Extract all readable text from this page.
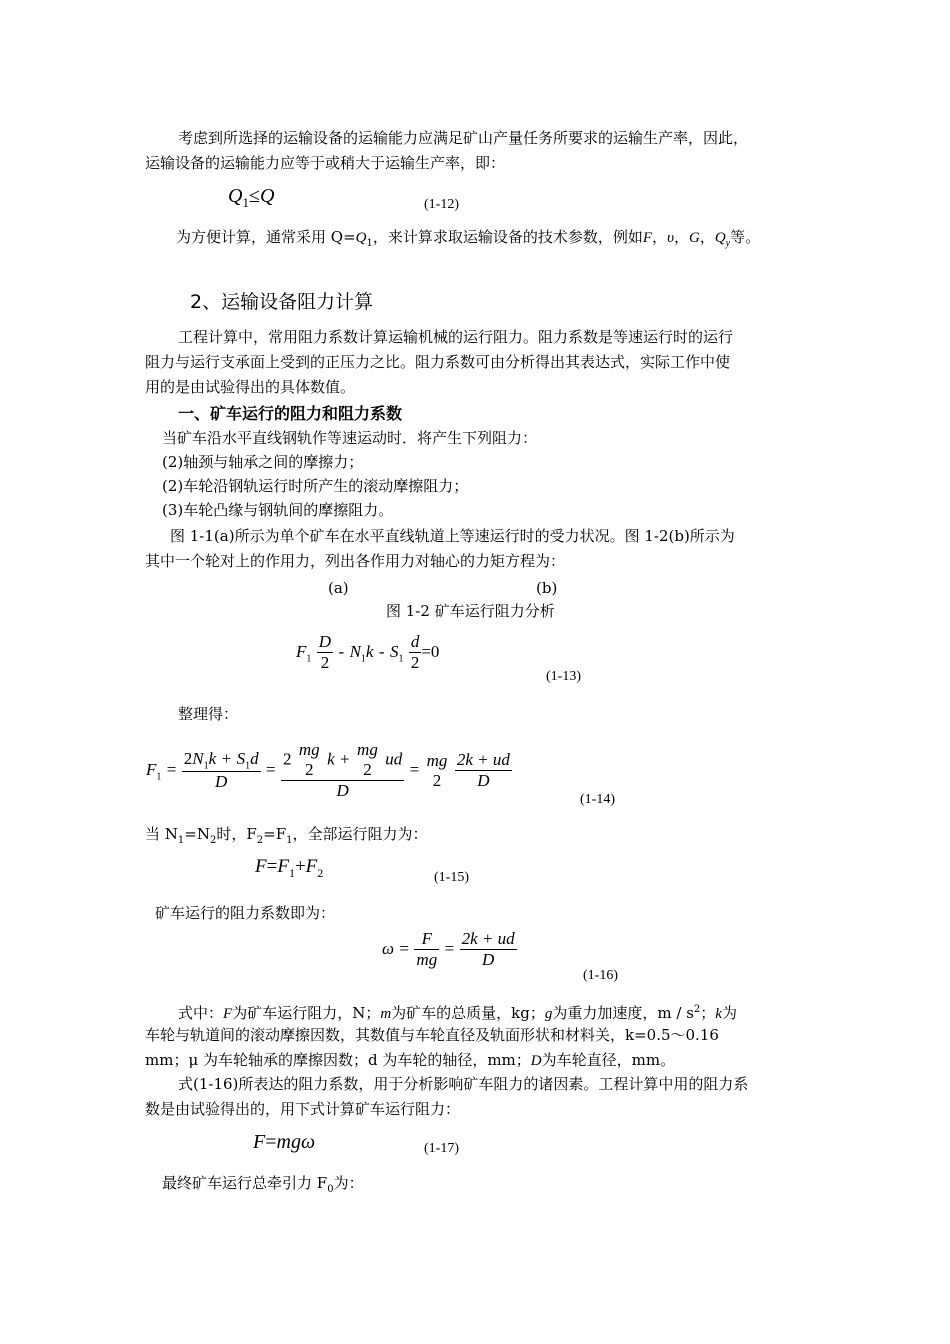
考虑到所选择的运输设备的运输能力应满足矿山产量任务所要求的运输生产率，因此，
运输设备的运输能力应等于或稍大于运输生产率，即：
$Q_1\le Q$	(1-12)
为方便计算，通常采用 $Q=Q_1$，来计算求取运输设备的技术参数，例如F，υ，G，$Q_y$等。
2、运输设备阻力计算
工程计算中，常用阻力系数计算运输机械的运行阻力。阻力系数是等速运行时的运行
阻力与运行支承面上受到的正压力之比。阻力系数可由分析得出其表达式，实际工作中使
用的是由试验得出的具体数值。
一、矿车运行的阻力和阻力系数
当矿车沿水平直线钢轨作等速运动时．将产生下列阻力：
(2)轴颈与轴承之间的摩擦力；
(2)车轮沿钢轨运行时所产生的滚动摩擦阻力；
(3)车轮凸缘与钢轨间的摩擦阻力。
图 1-1(a)所示为单个矿车在水平直线轨道上等速运行时的受力状况。图 1-2(b)所示为
其中一个轮对上的作用力，列出各作用力对轴心的力矩方程为：
(a)	(b)
图 1-2 矿车运行阻力分析
$F_1 \frac{D}{2} - N_1k - S_1 \frac{d}{2} =0$
(1-13)
整理得：
$F_1 = \frac{2N_1k + S_1d}{D} = 2$ mg
2
k + mg
2
ud
D = mg
2
$\frac{2k + ud}{D}$
(1-14)
当 $N_1=N_2$时，$F_2=F_1$，全部运行阻力为：
$F=F_1+F_2$	(1-15)
矿车运行的阻力系数即为：
$\omega = \frac{F}{mg} = \frac{2k + ud}{D}$
(1-16)
式中：F为矿车运行阻力，N；m为矿车的总质量，kg；g为重力加速度，m / $s^2$；k为
车轮与轨道间的滚动摩擦因数，其数值与车轮直径及轨面形状和材料关，k=0.5～0.16
mm；μ 为车轮轴承的摩擦因数；d 为车轮的轴径，mm；D为车轮直径，mm。
式(1-16)所表达的阻力系数，用于分析影响矿车阻力的诸因素。工程计算中用的阻力系
数是由试验得出的，用下式计算矿车运行阻力：
F=mgω	(1-17)
最终矿车运行总牵引力 $F_0$为：
